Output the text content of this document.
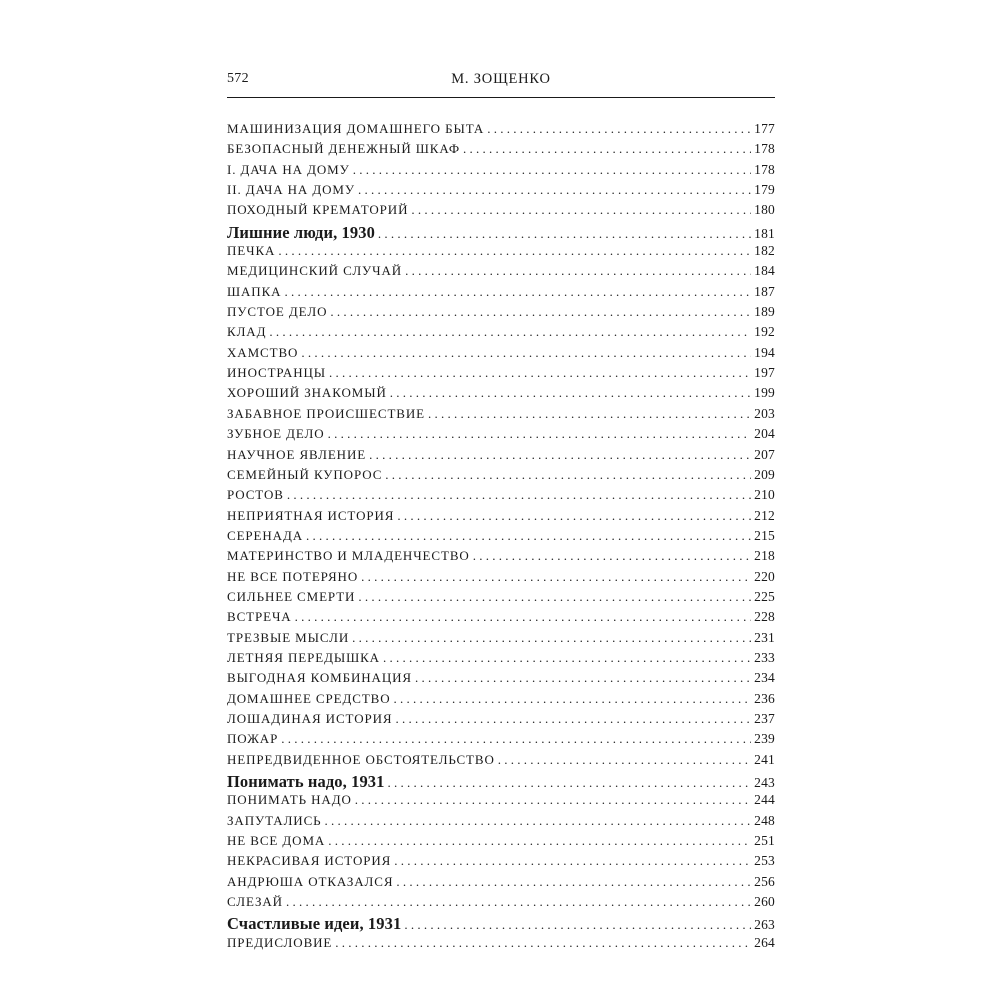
572	М. ЗОЩЕНКО
МАШИНИЗАЦИЯ ДОМАШНЕГО БЫТА . . .	177
БЕЗОПАСНЫЙ ДЕНЕЖНЫЙ ШКАФ . . .	178
I. ДАЧА НА ДОМУ . . .	178
II. ДАЧА НА ДОМУ . . .	179
ПОХОДНЫЙ КРЕМАТОРИЙ . . .	180
Лишние люди, 1930 . . .	181
ПЕЧКА . . .	182
МЕДИЦИНСКИЙ СЛУЧАЙ . . .	184
ШАПКА . . .	187
ПУСТОЕ ДЕЛО . . .	189
КЛАД . . .	192
ХАМСТВО . . .	194
ИНОСТРАНЦЫ . . .	197
ХОРОШИЙ ЗНАКОМЫЙ . . .	199
ЗАБАВНОЕ ПРОИСШЕСТВИЕ . . .	203
ЗУБНОЕ ДЕЛО . . .	204
НАУЧНОЕ ЯВЛЕНИЕ . . .	207
СЕМЕЙНЫЙ КУПОРОС . . .	209
РОСТОВ . . .	210
НЕПРИЯТНАЯ ИСТОРИЯ . . .	212
СЕРЕНАДА . . .	215
МАТЕРИНСТВО И МЛАДЕНЧЕСТВО . . .	218
НЕ ВСЕ ПОТЕРЯНО . . .	220
СИЛЬНЕЕ СМЕРТИ . . .	225
ВСТРЕЧА . . .	228
ТРЕЗВЫЕ МЫСЛИ . . .	231
ЛЕТНЯЯ ПЕРЕДЫШКА . . .	233
ВЫГОДНАЯ КОМБИНАЦИЯ . . .	234
ДОМАШНЕЕ СРЕДСТВО . . .	236
ЛОШАДИНАЯ ИСТОРИЯ . . .	237
ПОЖАР . . .	239
НЕПРЕДВИДЕННОЕ ОБСТОЯТЕЛЬСТВО . . .	241
Понимать надо, 1931 . . .	243
ПОНИМАТЬ НАДО . . .	244
ЗАПУТАЛИСЬ . . .	248
НЕ ВСЕ ДОМА . . .	251
НЕКРАСИВАЯ ИСТОРИЯ . . .	253
АНДРЮША ОТКАЗАЛСЯ . . .	256
СЛЕЗАЙ . . .	260
Счастливые идеи, 1931 . . .	263
ПРЕДИСЛОВИЕ . . .	264
